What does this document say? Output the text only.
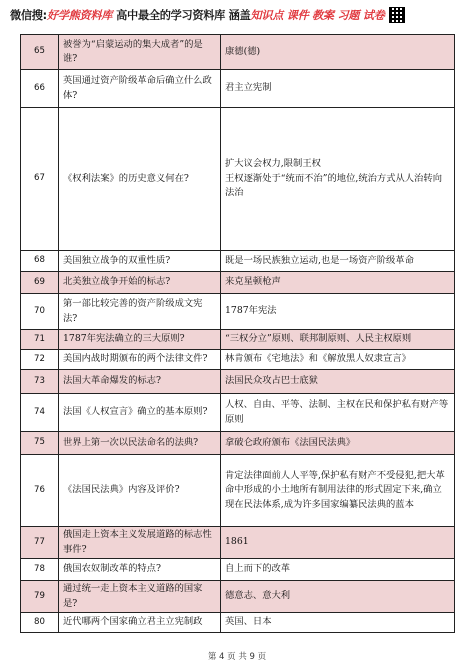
微信搜: 好学熊资料库 高中最全的学习资料库 涵盖 知识点 课件 教案 习题 试卷
65	被誉为“启蒙运动的集大成者”的是谁?	康德(德)
66	英国通过资产阶级革命后确立什么政体?	君主立宪制
67	《权利法案》的历史意义何在?	扩大议会权力,限制王权
王权逐渐处于“统而不治”的地位,统治方式从人治转向法治
68	美国独立战争的双重性质?	既是一场民族独立运动,也是一场资产阶级革命
69	北美独立战争开始的标志?	来克星顿枪声
70	第一部比较完善的资产阶级成文宪法?	1787年宪法
71	1787年宪法确立的三大原则?	“三权分立”原则、联邦制原则、人民主权原则
72	美国内战时期颁布的两个法律文件?	林肯颁布《宅地法》和《解放黑人奴隶宣言》
73	法国大革命爆发的标志?	法国民众攻占巴士底狱
74	法国《人权宣言》确立的基本原则?	人权、自由、平等、法制、主权在民和保护私有财产等原则
75	世界上第一次以民法命名的法典?	拿破仑政府颁布《法国民法典》
76	《法国民法典》内容及评价?	肯定法律面前人人平等,保护私有财产不受侵犯,把大革命中形成的小土地所有制用法律的形式固定下来,确立现在民法体系,成为许多国家编纂民法典的蓝本
77	俄国走上资本主义发展道路的标志性事件?	1861
78	俄国农奴制改革的特点?	自上而下的改革
79	通过统一走上资本主义道路的国家是?	德意志、意大利
80	近代哪两个国家确立君主立宪制政	英国、日本
第 4 页 共 9 页
